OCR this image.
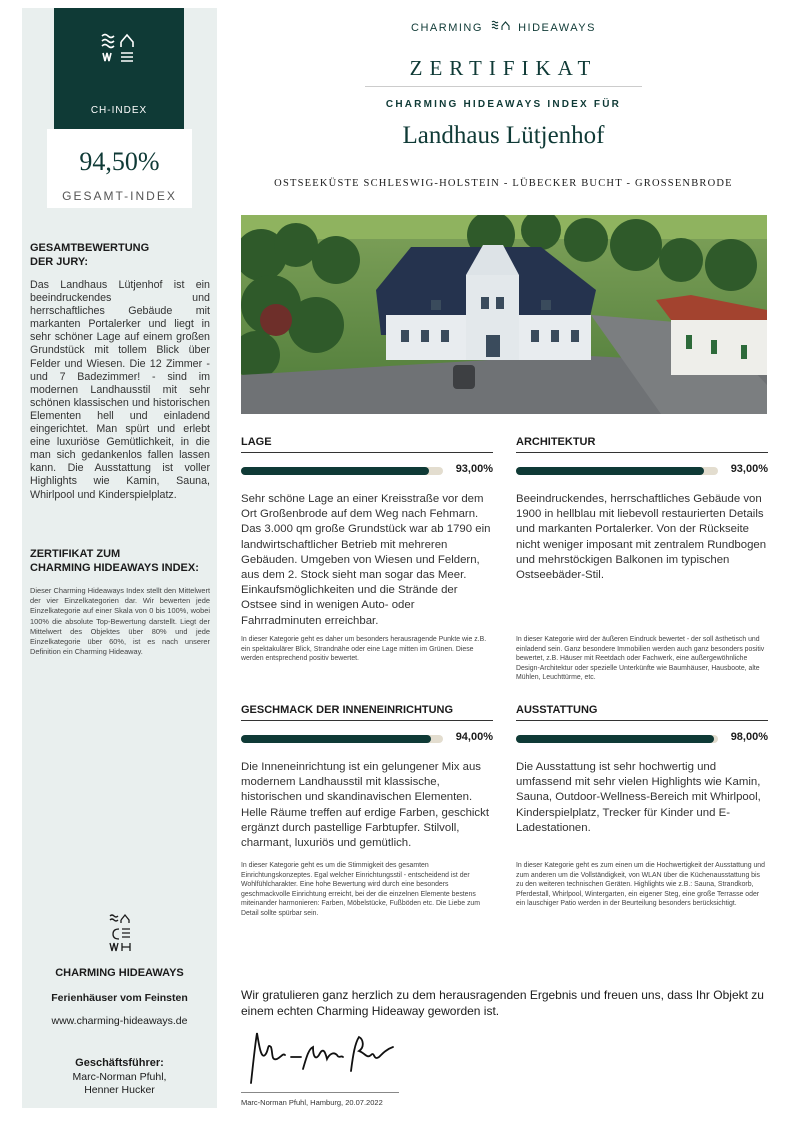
CH-INDEX
94,50%
GESAMT-INDEX
GESAMTBEWERTUNG
DER JURY:

Das Landhaus Lütjenhof ist ein beeindruckendes und herrschaftliches Gebäude mit markanten Portalerker und liegt in sehr schöner Lage auf einem großen Grundstück mit tollem Blick über Felder und Wiesen. Die 12 Zimmer - und 7 Badezimmer! - sind im modernen Landhausstil mit sehr schönen klassischen und historischen Elementen hell und einladend eingerichtet. Man spürt und erlebt eine luxuriöse Gemütlichkeit, in die man sich gedankenlos fallen lassen kann. Die Ausstattung ist voller Highlights wie Kamin, Sauna, Whirlpool und Kinderspielplatz.

ZERTIFIKAT ZUM
CHARMING HIDEAWAYS INDEX:

Dieser Charming Hideaways Index stellt den Mittelwert der vier Einzelkategorien dar. Wir bewerten jede Einzelkategorie auf einer Skala von 0 bis 100%, wobei 100% die absolute Top-Bewertung darstellt. Liegt der Mittelwert des Objektes über 80% und jede Einzelkategorie über 60%, ist es nach unserer Definition ein Charming Hideaway.

CHARMING HIDEAWAYS
Ferienhäuser vom Feinsten
www.charming-hideaways.de
Geschäftsführer:
Marc-Norman Pfuhl,
Henner Hucker
CHARMING	HIDEAWAYS
ZERTIFIKAT
CHARMING HIDEAWAYS INDEX FÜR
Landhaus Lütjenhof
OSTSEEKÜSTE SCHLESWIG-HOLSTEIN - LÜBECKER BUCHT - GROSSENBRODE
LAGE
93,00%

Sehr schöne Lage an einer Kreisstraße vor dem Ort Großenbrode auf dem Weg nach Fehmarn. Das 3.000 qm große Grundstück war ab 1790 ein landwirtschaftlicher Betrieb mit mehreren Gebäuden. Umgeben von Wiesen und Feldern, aus dem 2. Stock sieht man sogar das Meer. Einkaufsmöglichkeiten und die Strände der Ostsee sind in wenigen Auto- oder Fahrradminuten erreichbar.

In dieser Kategorie geht es daher um besonders herausragende Punkte wie z.B. ein spektakulärer Blick, Strandnähe oder eine Lage mitten im Grünen. Diese werden entsprechend positiv bewertet.

ARCHITEKTUR
93,00%

Beeindruckendes, herrschaftliches Gebäude von 1900 in hellblau mit liebevoll restaurierten Details und markanten Portalerker. Von der Rückseite nicht weniger imposant mit zentralem Rundbogen und mehrstöckigen Balkonen im typischen Ostseebäder-Stil.

In dieser Kategorie wird der äußeren Eindruck bewertet - der soll ästhetisch und einladend sein. Ganz besondere Immobilien werden auch ganz besonders positiv bewertet, z.B. Häuser mit Reetdach oder Fachwerk, eine außergewöhnliche Design-Architektur oder spezielle Unterkünfte wie Baumhäuser, Hausboote, alte Mühlen, Leuchttürme, etc.

GESCHMACK DER INNENEINRICHTUNG
94,00%

Die Inneneinrichtung ist ein gelungener Mix aus modernem Landhausstil mit klassische, historischen und skandinavischen Elementen. Helle Räume treffen auf erdige Farben, geschickt ergänzt durch pastellige Farbtupfer. Stilvoll, charmant, luxuriös und gemütlich.

In dieser Kategorie geht es um die Stimmigkeit des gesamten Einrichtungskonzeptes. Egal welcher Einrichtungsstil - entscheidend ist der Wohlfühlcharakter. Eine hohe Bewertung wird durch eine besonders geschmackvolle Einrichtung erreicht, bei der die einzelnen Elemente bestens miteinander harmonieren: Farben, Möbelstücke, Fußböden etc. Die Liebe zum Detail sollte spürbar sein.

AUSSTATTUNG
98,00%

Die Ausstattung ist sehr hochwertig und umfassend mit sehr vielen Highlights wie Kamin, Sauna, Outdoor-Wellness-Bereich mit Whirlpool, Kinderspielplatz, Trecker für Kinder und E-Ladestationen.

In dieser Kategorie geht es zum einen um die Hochwertigkeit der Ausstattung und zum anderen um die Vollständigkeit, von WLAN über die Küchenausstattung bis zu den weiteren technischen Geräten. Highlights wie z.B.: Sauna, Strandkorb, Pferdestall, Whirlpool, Wintergarten, ein eigener Steg, eine große Terrasse oder ein lauschiger Patio werden in der Beurteilung besonders berücksichtigt.

Wir gratulieren ganz herzlich zu dem herausragenden Ergebnis und freuen uns, dass Ihr Objekt zu einem echten Charming Hideaway geworden ist.

Marc-Norman Pfuhl, Hamburg, 20.07.2022
